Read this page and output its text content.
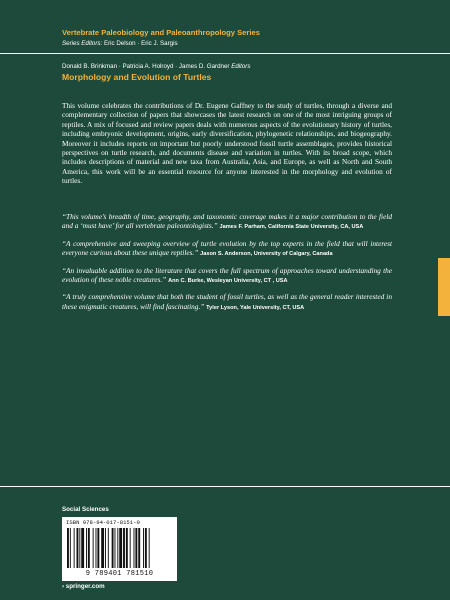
Vertebrate Paleobiology and Paleoanthropology Series
Series Editors: Eric Delson · Eric J. Sargis
Donald B. Brinkman · Patricia A. Holroyd · James D. Gardner Editors
Morphology and Evolution of Turtles
This volume celebrates the contributions of Dr. Eugene Gaffney to the study of turtles, through a diverse and complementary collection of papers that showcases the latest research on one of the most intriguing groups of reptiles. A mix of focused and review papers deals with numerous aspects of the evolutionary history of turtles, including embryonic development, origins, early diversification, phylogenetic relationships, and biogeography. Moreover it includes reports on important but poorly understood fossil turtle assemblages, provides historical perspectives on turtle research, and documents disease and variation in turtles. With its broad scope, which includes descriptions of material and new taxa from Australia, Asia, and Europe, as well as North and South America, this work will be an essential resource for anyone interested in the morphology and evolution of turtles.
“This volume’s breadth of time, geography, and taxonomic coverage makes it a major contribution to the field and a ‘must have’ for all vertebrate paleontologists.” James F. Parham, California State University, CA, USA
“A comprehensive and sweeping overview of turtle evolution by the top experts in the field that will interest everyone curious about these unique reptiles.” Jason S. Anderson, University of Calgary, Canada
“An invaluable addition to the literature that covers the full spectrum of approaches toward understanding the evolution of these noble creatures.” Ann C. Burke, Wesleyan University, CT , USA
“A truly comprehensive volume that both the student of fossil turtles, as well as the general reader interested in these enigmatic creatures, will find fascinating.” Tyler Lyson, Yale University, CT, USA
Social Sciences
ISBN 978-94-017-8151-0
9 789401 781510
› springer.com
